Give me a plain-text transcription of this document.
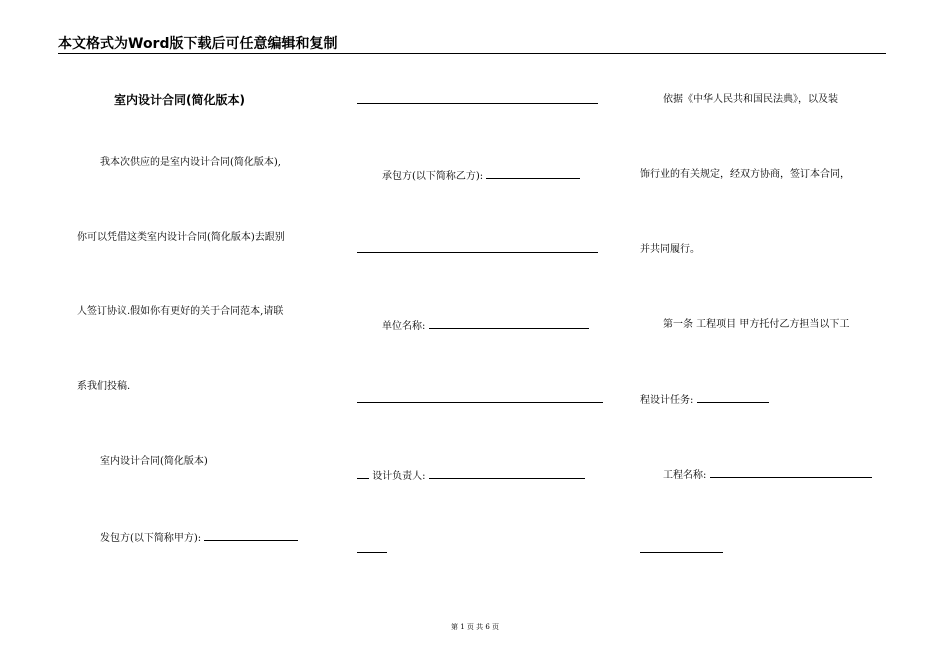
本文格式为Word版下载后可任意编辑和复制
室内设计合同(简化版本)
我本次供应的是室内设计合同(简化版本),
你可以凭借这类室内设计合同(简化版本)去跟别
人签订协议.假如你有更好的关于合同范本,请联
系我们投稿.
室内设计合同(简化版本)
发包方(以下简称甲方):
承包方(以下简称乙方):
单位名称:
设计负责人:
依据《中华人民共和国民法典》，以及装
饰行业的有关规定，经双方协商，签订本合同，
并共同履行。
第一条 工程项目 甲方托付乙方担当以下工
程设计任务:
工程名称:
第 1 页 共 6 页
